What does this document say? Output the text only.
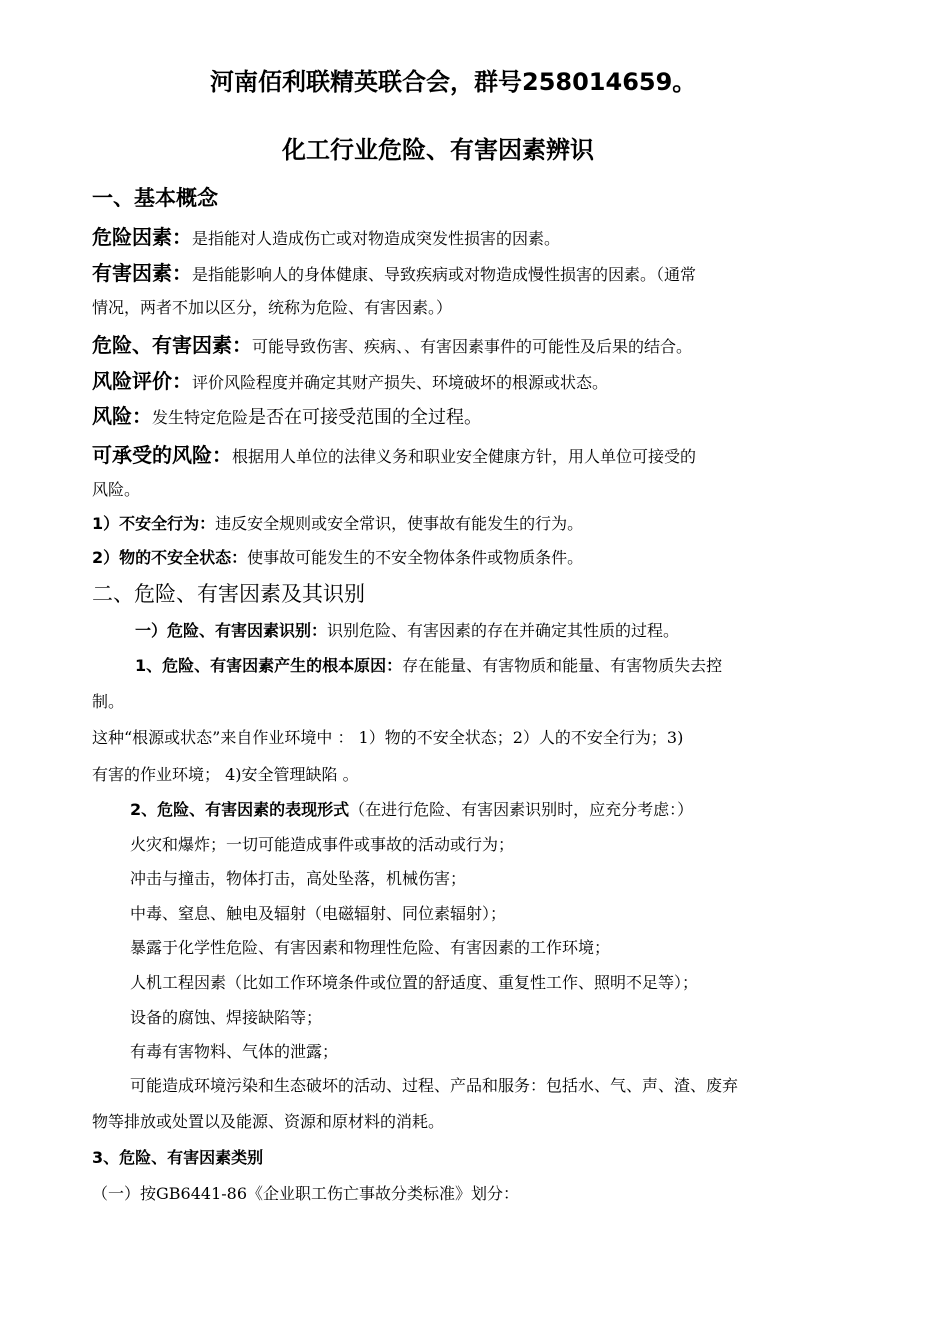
河南佰利联精英联合会，群号258014659。
化工行业危险、有害因素辨识
一、基本概念
危险因素：是指能对人造成伤亡或对物造成突发性损害的因素。
有害因素：是指能影响人的身体健康、导致疾病或对物造成慢性损害的因素。（通常
情况，两者不加以区分，统称为危险、有害因素。）
危险、有害因素：可能导致伤害、疾病、、有害因素事件的可能性及后果的结合。
风险评价：评价风险程度并确定其财产损失、环境破坏的根源或状态。
风险：发生特定危险是否在可接受范围的全过程。
可承受的风险：根据用人单位的法律义务和职业安全健康方针，用人单位可接受的
风险。
1）不安全行为：违反安全规则或安全常识，使事故有能发生的行为。
2）物的不安全状态：使事故可能发生的不安全物体条件或物质条件。
二、危险、有害因素及其识别
一）危险、有害因素识别：识别危险、有害因素的存在并确定其性质的过程。
1、危险、有害因素产生的根本原因：存在能量、有害物质和能量、有害物质失去控
制。
这种“根源或状态”来自作业环境中 ： 1）物的不安全状态；2）人的不安全行为；3)
有害的作业环境； 4)安全管理缺陷 。
2、危险、有害因素的表现形式（在进行危险、有害因素识别时，应充分考虑：）
火灾和爆炸；一切可能造成事件或事故的活动或行为；
冲击与撞击，物体打击，高处坠落，机械伤害；
中毒、窒息、触电及辐射（电磁辐射、同位素辐射）；
暴露于化学性危险、有害因素和物理性危险、有害因素的工作环境；
人机工程因素（比如工作环境条件或位置的舒适度、重复性工作、照明不足等）；
设备的腐蚀、焊接缺陷等；
有毒有害物料、气体的泄露；
可能造成环境污染和生态破坏的活动、过程、产品和服务：包括水、气、声、渣、废弃
物等排放或处置以及能源、资源和原材料的消耗。
3、危险、有害因素类别
（一）按GB6441-86《企业职工伤亡事故分类标准》划分：
